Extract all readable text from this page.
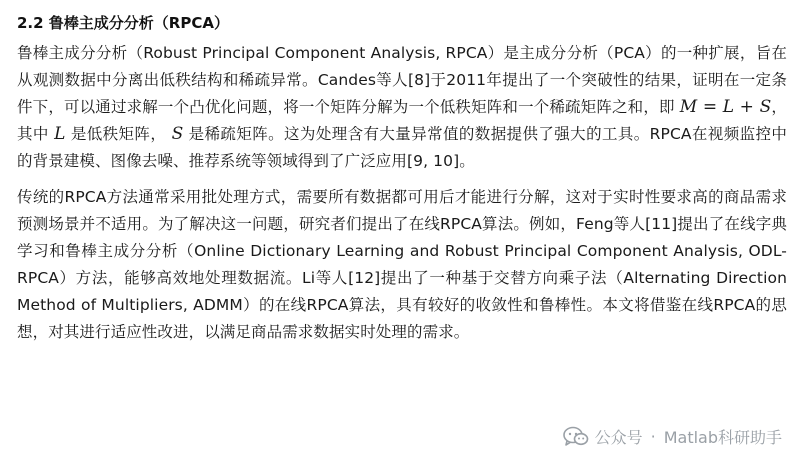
2.2 鲁棒主成分分析（RPCA）

鲁棒主成分分析（Robust Principal Component Analysis, RPCA）是主成分分析（PCA）的一种扩展，旨在从观测数据中分离出低秩结构和稀疏异常。Candes等人[8]于2011年提出了一个突破性的结果，证明在一定条件下，可以通过求解一个凸优化问题，将一个矩阵分解为一个低秩矩阵和一个稀疏矩阵之和，即 M = L + S，其中 L 是低秩矩阵， S 是稀疏矩阵。这为处理含有大量异常值的数据提供了强大的工具。RPCA在视频监控中的背景建模、图像去噪、推荐系统等领域得到了广泛应用[9, 10]。

传统的RPCA方法通常采用批处理方式，需要所有数据都可用后才能进行分解，这对于实时性要求高的商品需求预测场景并不适用。为了解决这一问题，研究者们提出了在线RPCA算法。例如，Feng等人[11]提出了在线字典学习和鲁棒主成分分析（Online Dictionary Learning and Robust Principal Component Analysis, ODL-RPCA）方法，能够高效地处理数据流。Li等人[12]提出了一种基于交替方向乘子法（Alternating Direction Method of Multipliers, ADMM）的在线RPCA算法，具有较好的收敛性和鲁棒性。本文将借鉴在线RPCA的思想，对其进行适应性改进，以满足商品需求数据实时处理的需求。

公众号 · Matlab科研助手
